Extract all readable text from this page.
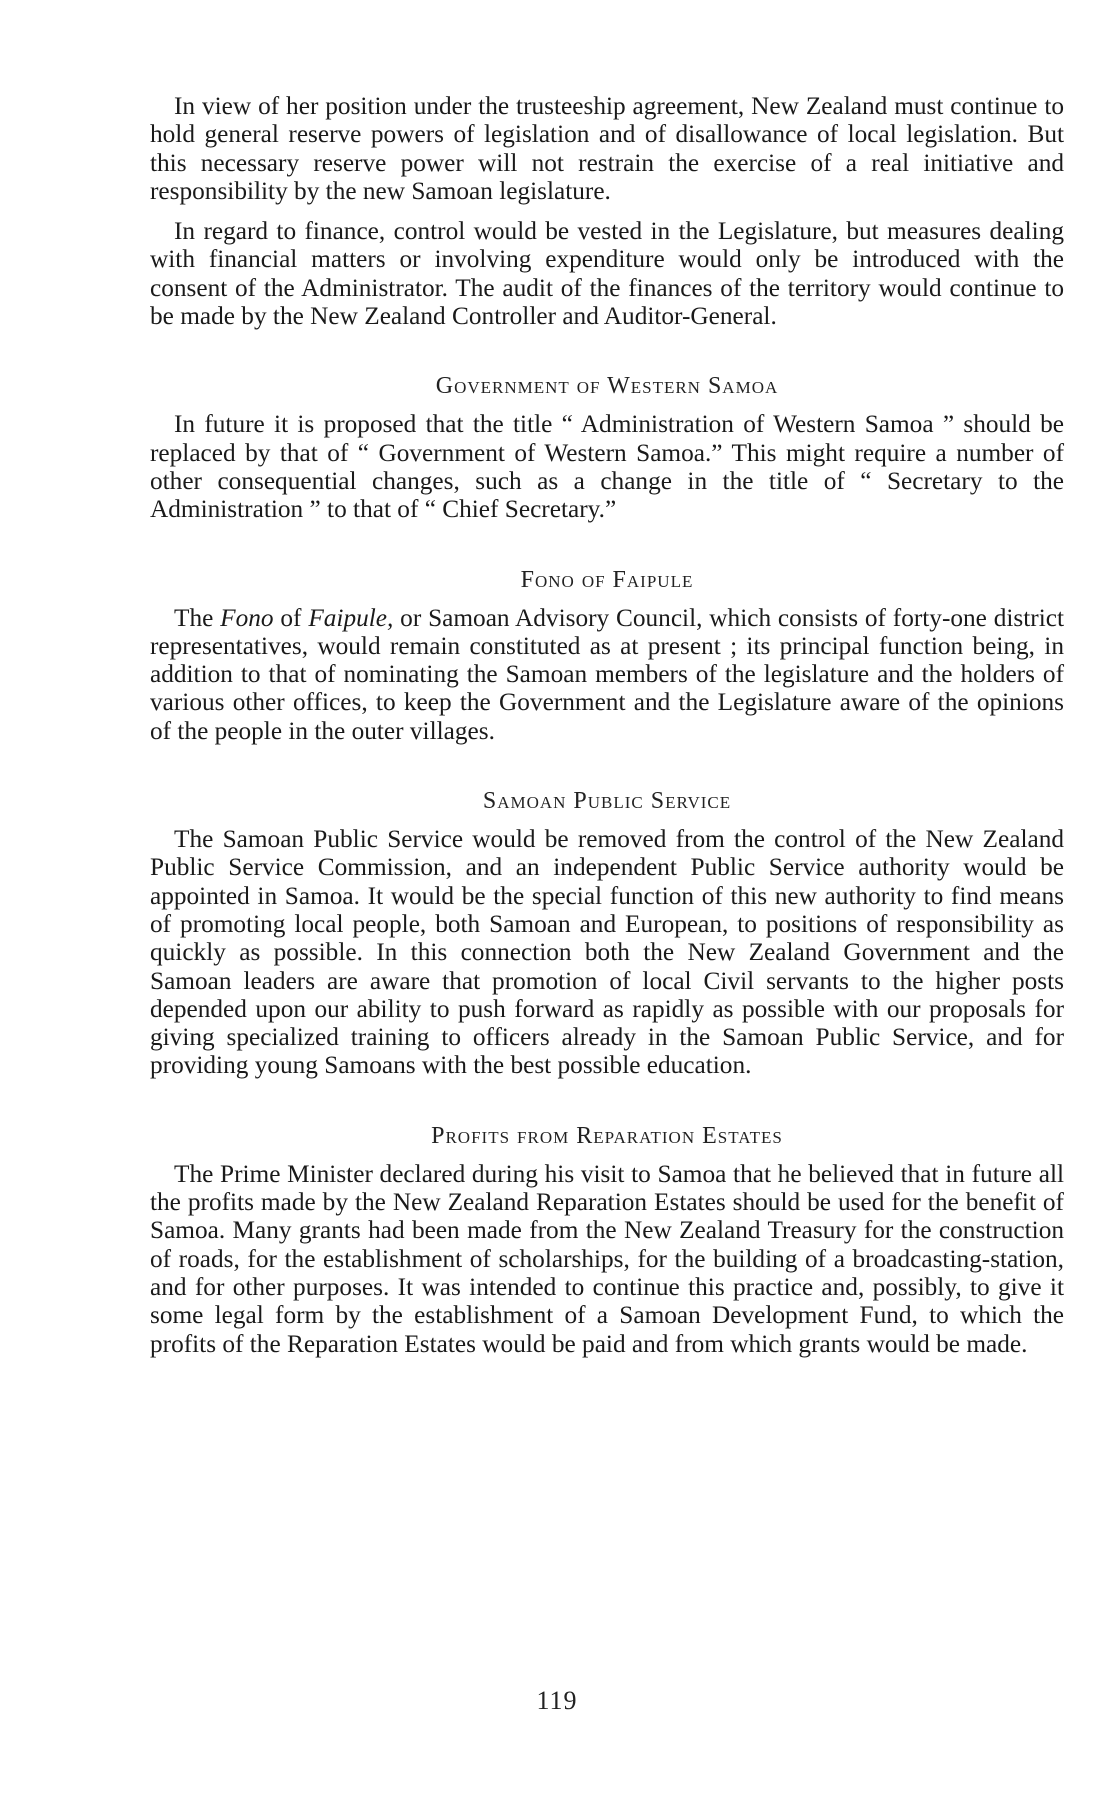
In view of her position under the trusteeship agreement, New Zealand must continue to hold general reserve powers of legislation and of disallowance of local legislation. But this necessary reserve power will not restrain the exercise of a real initiative and responsibility by the new Samoan legislature.

In regard to finance, control would be vested in the Legislature, but measures dealing with financial matters or involving expenditure would only be introduced with the consent of the Administrator. The audit of the finances of the territory would continue to be made by the New Zealand Controller and Auditor-General.

Government of Western Samoa

In future it is proposed that the title “ Administration of Western Samoa ” should be replaced by that of “ Government of Western Samoa.” This might require a number of other consequential changes, such as a change in the title of “ Secretary to the Administration ” to that of “ Chief Secretary.”

Fono of Faipule

The Fono of Faipule, or Samoan Advisory Council, which consists of forty-one district representatives, would remain constituted as at present ; its principal function being, in addition to that of nominating the Samoan members of the legislature and the holders of various other offices, to keep the Government and the Legislature aware of the opinions of the people in the outer villages.

Samoan Public Service

The Samoan Public Service would be removed from the control of the New Zealand Public Service Commission, and an independent Public Service authority would be appointed in Samoa. It would be the special function of this new authority to find means of promoting local people, both Samoan and European, to positions of responsibility as quickly as possible. In this connection both the New Zealand Government and the Samoan leaders are aware that promotion of local Civil servants to the higher posts depended upon our ability to push forward as rapidly as possible with our proposals for giving specialized training to officers already in the Samoan Public Service, and for providing young Samoans with the best possible education.

Profits from Reparation Estates

The Prime Minister declared during his visit to Samoa that he believed that in future all the profits made by the New Zealand Reparation Estates should be used for the benefit of Samoa. Many grants had been made from the New Zealand Treasury for the construction of roads, for the establishment of scholarships, for the building of a broadcasting-station, and for other purposes. It was intended to continue this practice and, possibly, to give it some legal form by the establishment of a Samoan Development Fund, to which the profits of the Reparation Estates would be paid and from which grants would be made.

119
